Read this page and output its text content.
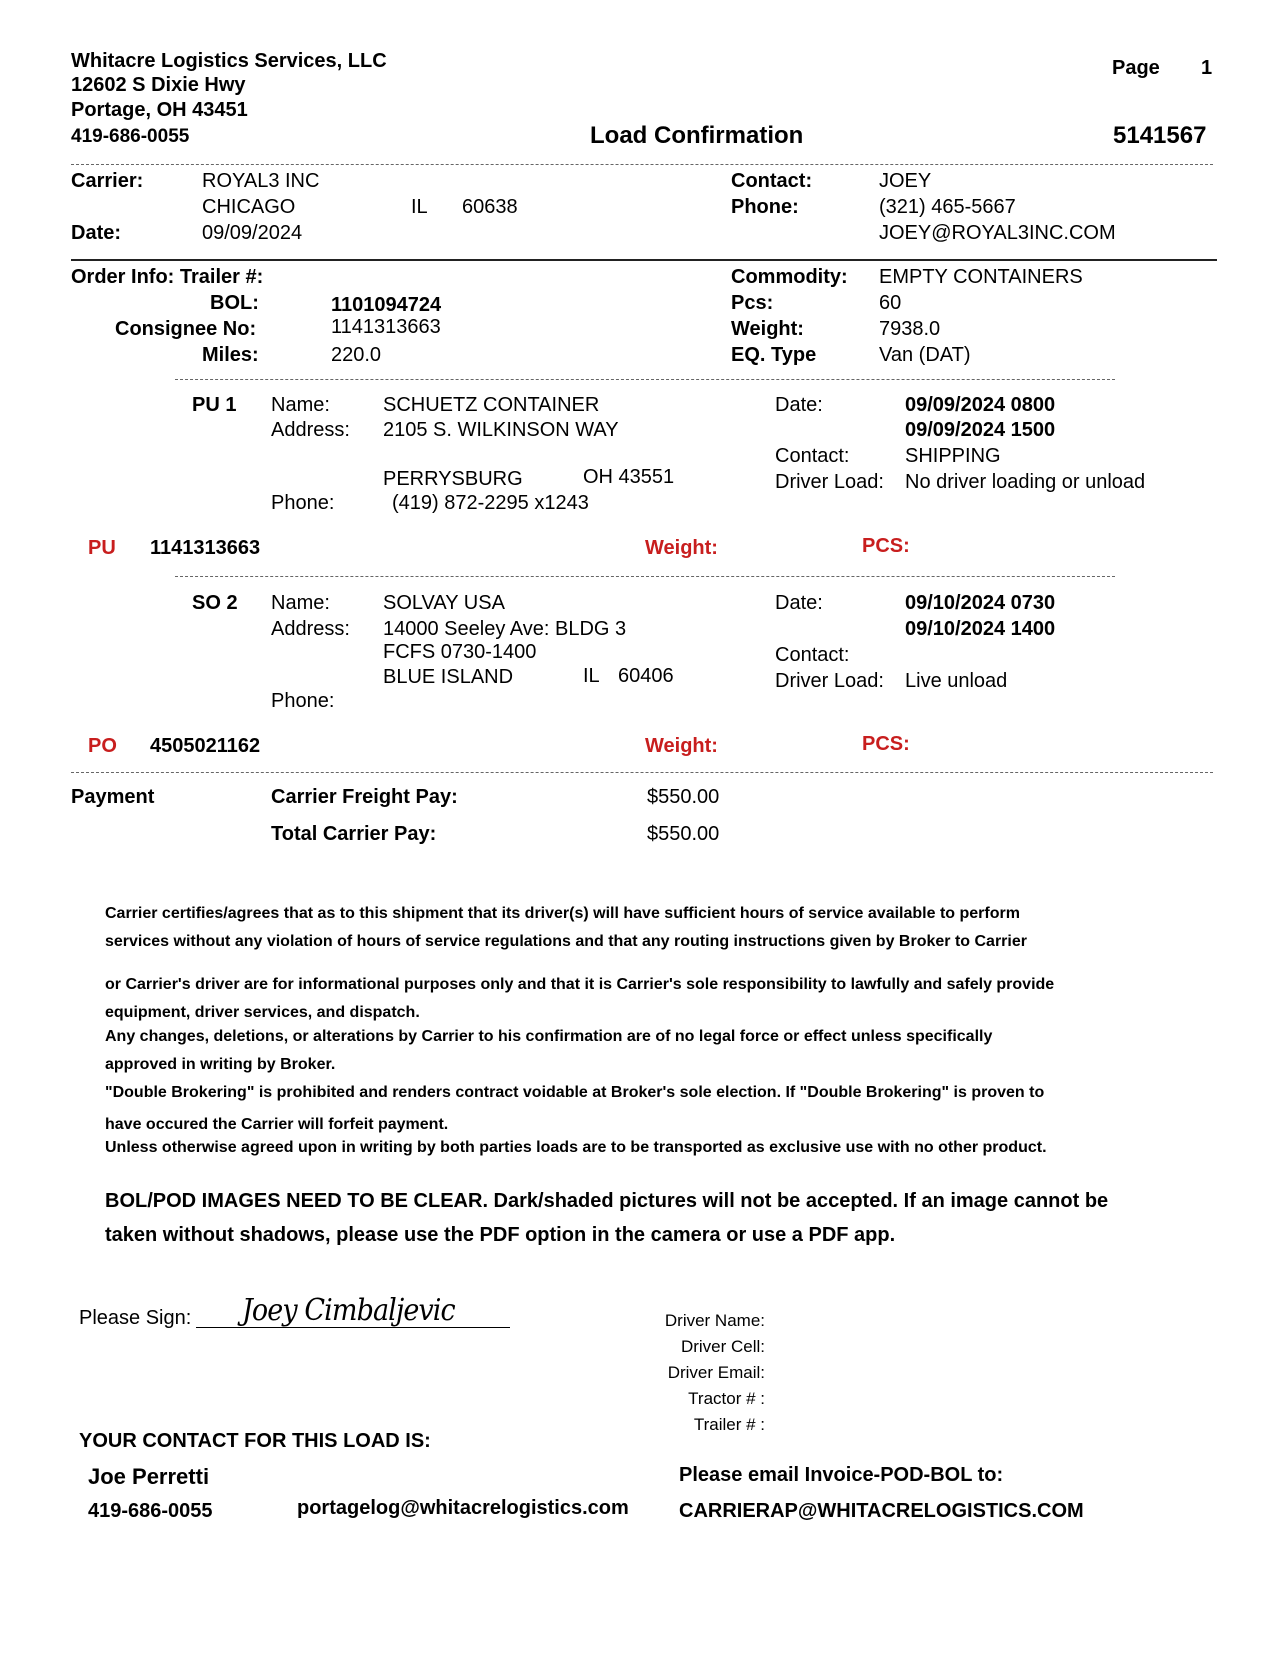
Whitacre Logistics Services, LLC
12602 S Dixie Hwy
Portage, OH 43451
419-686-0055
Page 1
Load Confirmation	5141567
Carrier:	ROYAL3 INC
CHICAGO	IL 60638
Date:	09/09/2024
Contact:	JOEY
Phone:	(321) 465-5667
JOEY@ROYAL3INC.COM
Order Info: Trailer #:
BOL:	1101094724
Consignee No:	1141313663
Miles:	220.0
Commodity: EMPTY CONTAINERS
Pcs:	60
Weight:	7938.0
EQ. Type	Van (DAT)
PU 1 Name:	SCHUETZ CONTAINER
Address: 2105 S. WILKINSON WAY
PERRYSBURG	OH 43551
Phone:	(419) 872-2295 x1243
Date:	09/09/2024 0800
09/09/2024 1500
Contact:	SHIPPING
Driver Load: No driver loading or unload
PU 1141313663	Weight:	PCS:
SO 2 Name:	SOLVAY USA
Address: 14000 Seeley Ave: BLDG 3
FCFS 0730-1400
BLUE ISLAND	IL 60406
Phone:
Date:	09/10/2024 0730
09/10/2024 1400
Contact:
Driver Load: Live unload
PO 4505021162	Weight:	PCS:
Payment	Carrier Freight Pay:	$550.00
Total Carrier Pay:	$550.00
Carrier certifies/agrees that as to this shipment that its driver(s) will have sufficient hours of service available to perform
services without any violation of hours of service regulations and that any routing instructions given by Broker to Carrier
or Carrier's driver are for informational purposes only and that it is Carrier's sole responsibility to lawfully and safely provide
equipment, driver services, and dispatch.
Any changes, deletions, or alterations by Carrier to his confirmation are of no legal force or effect unless specifically
approved in writing by Broker.
"Double Brokering" is prohibited and renders contract voidable at Broker's sole election. If "Double Brokering" is proven to
have occured the Carrier will forfeit payment.
Unless otherwise agreed upon in writing by both parties loads are to be transported as exclusive use with no other product.
BOL/POD IMAGES NEED TO BE CLEAR. Dark/shaded pictures will not be accepted. If an image cannot be
taken without shadows, please use the PDF option in the camera or use a PDF app.
Please Sign: Joey Cimbaljevic	Driver Name:
Driver Cell:
Driver Email:
Tractor # :
Trailer # :
YOUR CONTACT FOR THIS LOAD IS:
Joe Perretti
419-686-0055	portagelog@whitacrelogistics.com
Please email Invoice-POD-BOL to:
CARRIERAP@WHITACRELOGISTICS.COM
